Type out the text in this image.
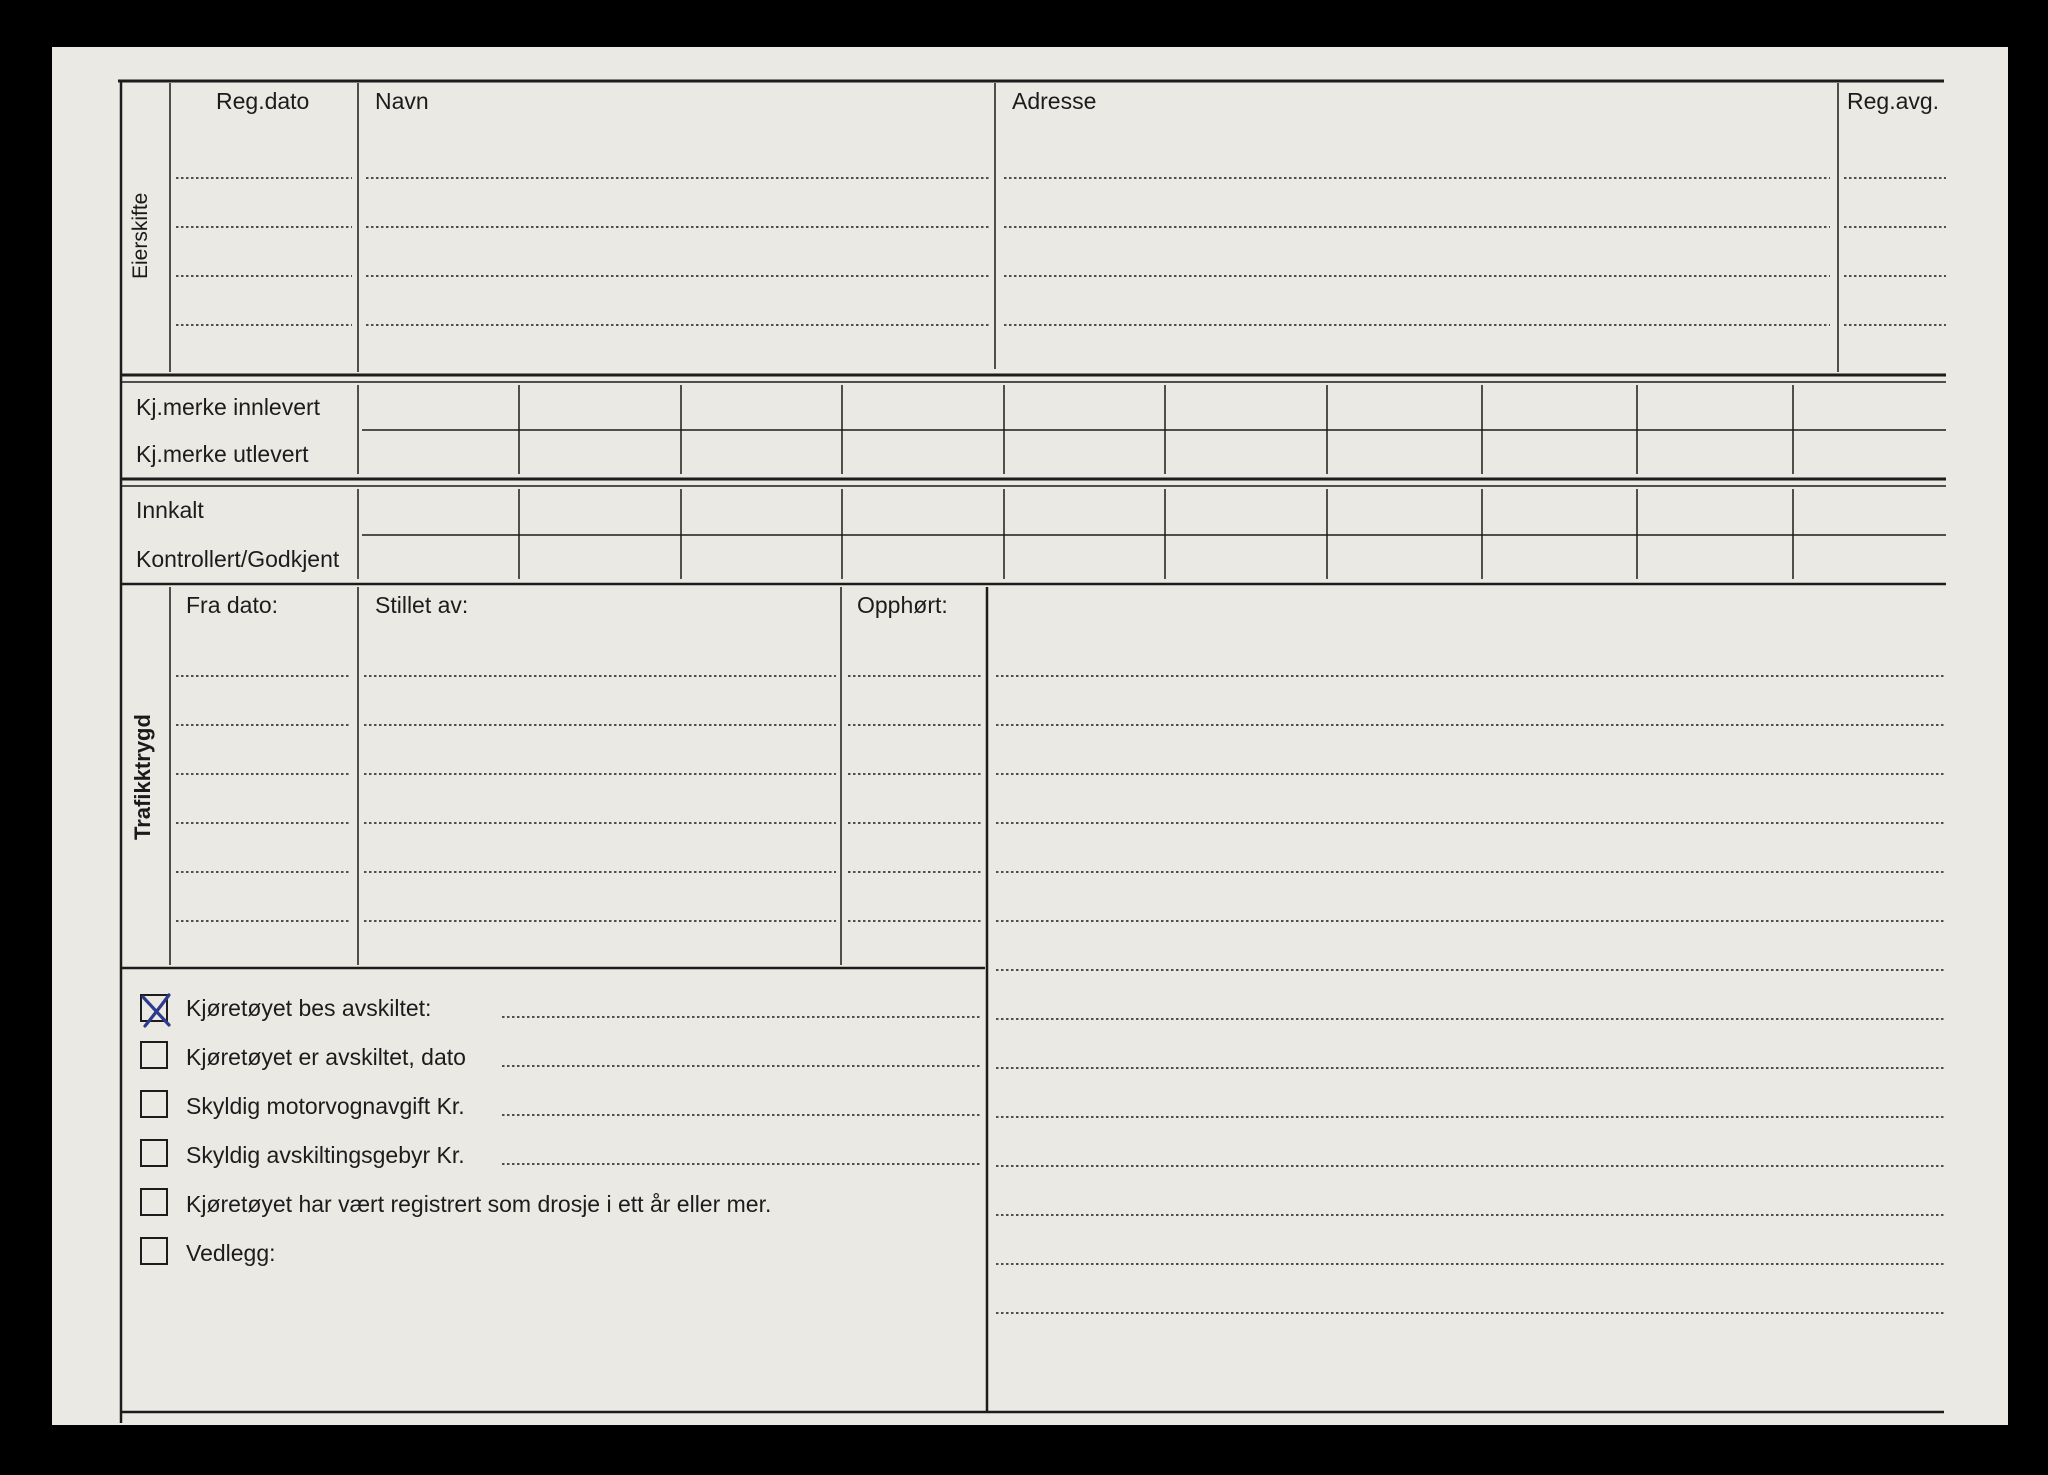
Eierskifte
Reg.dato	Navn	Adresse	Reg.avg.
Kj.merke innlevert
Kj.merke utlevert
Innkalt
Kontrollert/Godkjent
Trafikktrygd
Fra dato:	Stillet av:	Opphørt:
Kjøretøyet bes avskiltet:
Kjøretøyet er avskiltet, dato
Skyldig motorvognavgift Kr.
Skyldig avskiltingsgebyr Kr.
Kjøretøyet har vært registrert som drosje i ett år eller mer.
Vedlegg:
